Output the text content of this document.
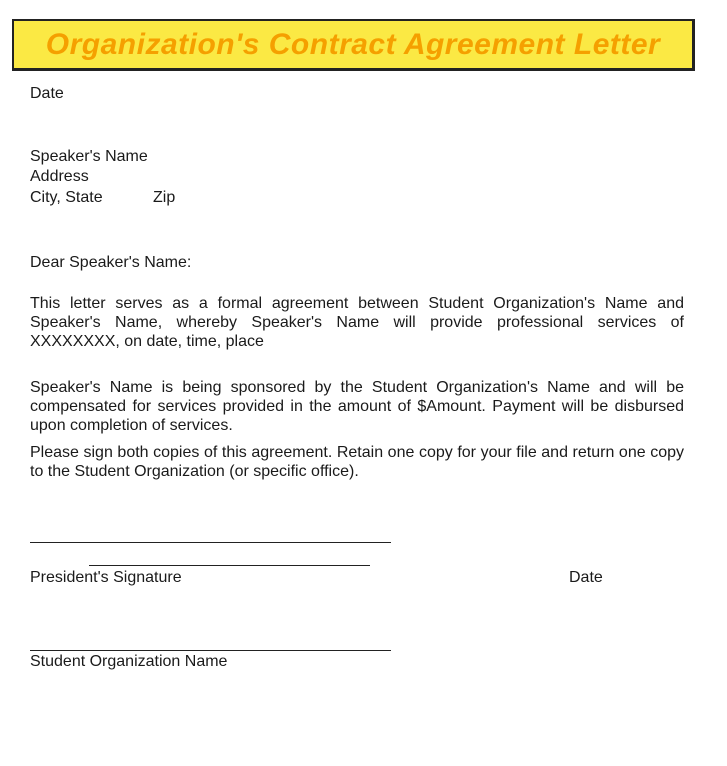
Organization's Contract Agreement Letter
Date
Speaker's Name
Address
City, State	Zip
Dear Speaker's Name:
This letter serves as a formal agreement between Student Organization's Name and Speaker's Name, whereby Speaker's Name will provide professional services of XXXXXXXX, on date, time, place
Speaker's Name is being sponsored by the Student Organization's Name and will be compensated for services provided in the amount of $Amount. Payment will be disbursed upon completion of services.
Please sign both copies of this agreement. Retain one copy for your file and return one copy to the Student Organization (or specific office).
President's Signature	Date
Student Organization Name
